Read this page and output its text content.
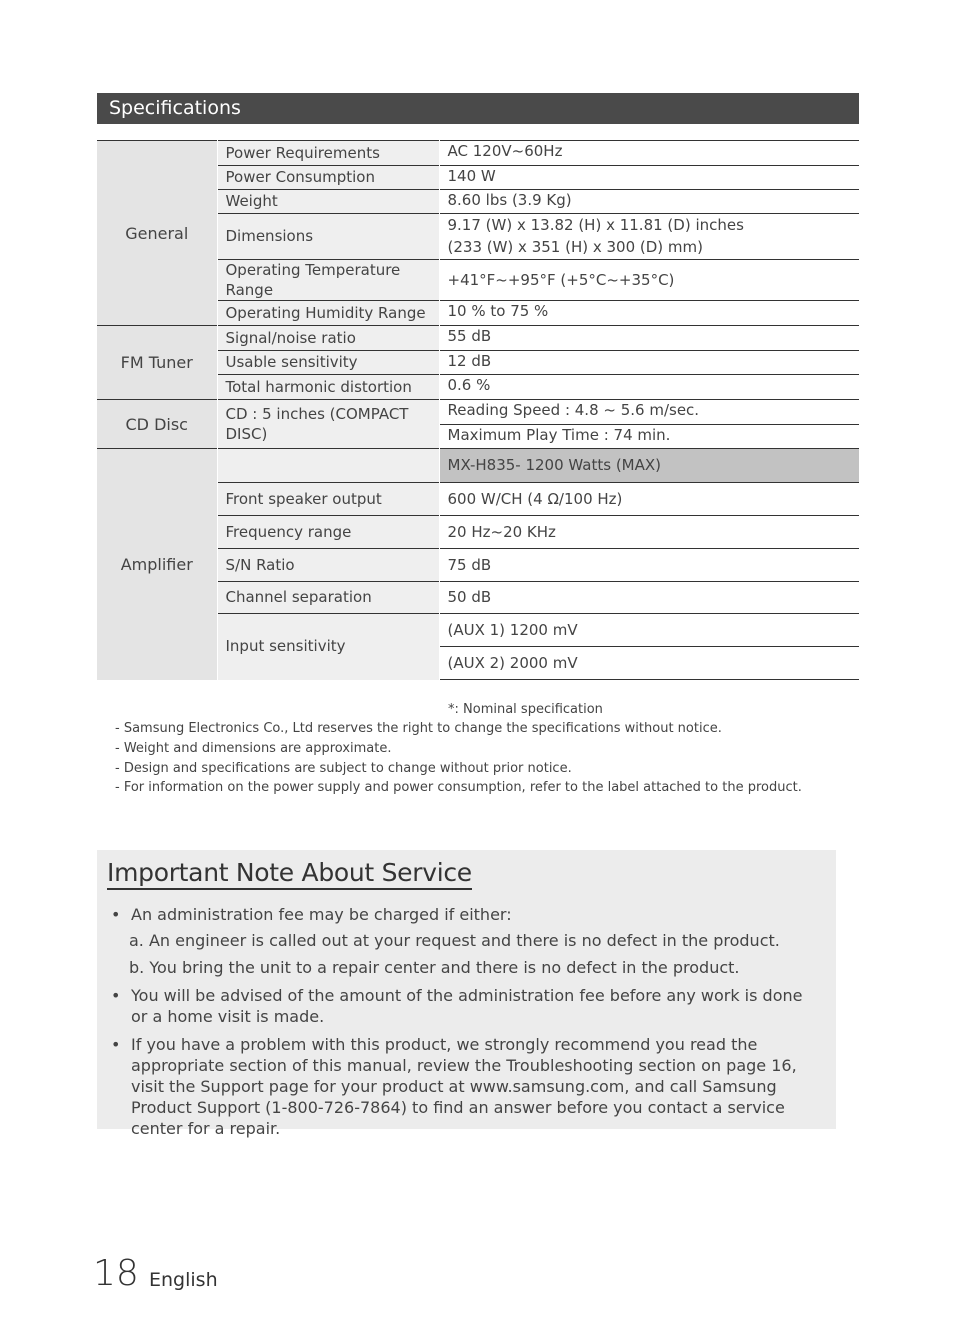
Specifications
General	Power Requirements	AC 120V~60Hz
	Power Consumption	140 W
	Weight	8.60 lbs (3.9 Kg)
	Dimensions	9.17 (W) x 13.82 (H) x 11.81 (D) inches
		(233 (W) x 351 (H) x 300 (D) mm)
	Operating Temperature Range	+41°F~+95°F (+5°C~+35°C)
	Operating Humidity Range	10 % to 75 %
FM Tuner	Signal/noise ratio	55 dB
	Usable sensitivity	12 dB
	Total harmonic distortion	0.6 %
CD Disc	CD : 5 inches (COMPACT DISC)	Reading Speed : 4.8 ~ 5.6 m/sec.
		Maximum Play Time : 74 min.
Amplifier		MX-H835- 1200 Watts (MAX)
	Front speaker output	600 W/CH (4 Ω/100 Hz)
	Frequency range	20 Hz~20 KHz
	S/N Ratio	75 dB
	Channel separation	50 dB
	Input sensitivity	(AUX 1) 1200 mV
		(AUX 2) 2000 mV
*: Nominal specification
- Samsung Electronics Co., Ltd reserves the right to change the specifications without notice.
- Weight and dimensions are approximate.
- Design and specifications are subject to change without prior notice.
- For information on the power supply and power consumption, refer to the label attached to the product.
Important Note About Service
• An administration fee may be charged if either:
a. An engineer is called out at your request and there is no defect in the product.
b. You bring the unit to a repair center and there is no defect in the product.
• You will be advised of the amount of the administration fee before any work is done or a home visit is made.
• If you have a problem with this product, we strongly recommend you read the appropriate section of this manual, review the Troubleshooting section on page 16, visit the Support page for your product at www.samsung.com, and call Samsung Product Support (1-800-726-7864) to find an answer before you contact a service center for a repair.
18 English
